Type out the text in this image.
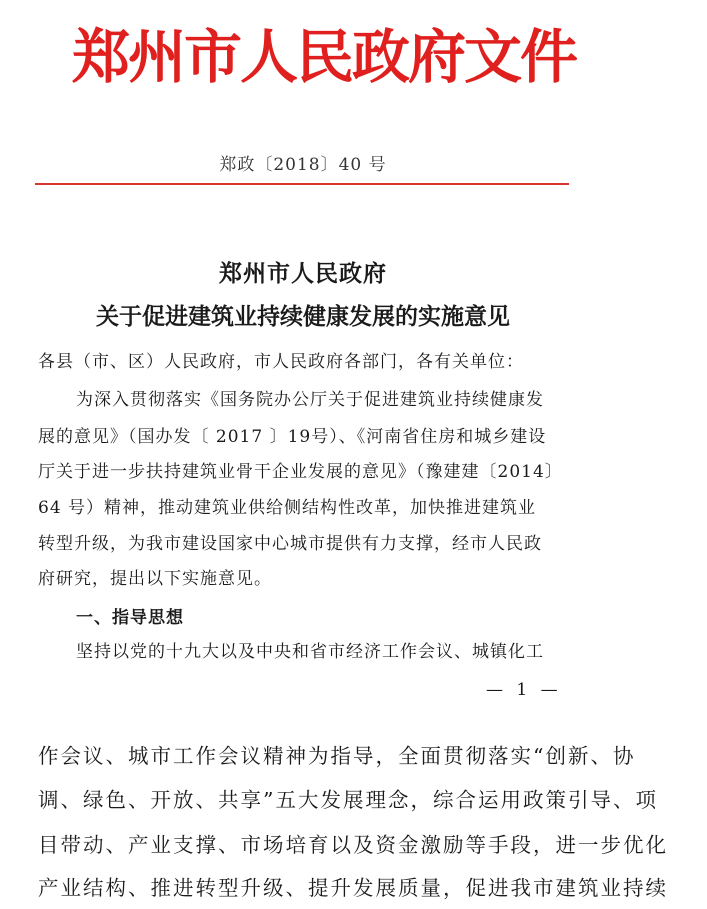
郑州市人民政府文件
郑政〔2018〕40 号
郑州市人民政府
关于促进建筑业持续健康发展的实施意见
各县（市、区）人民政府，市人民政府各部门，各有关单位：
为深入贯彻落实《国务院办公厅关于促进建筑业持续健康发
展的意见》（国办发〔 2017 〕19号）、《河南省住房和城乡建设
厅关于进一步扶持建筑业骨干企业发展的意见》（豫建建〔2014〕
64 号）精神，推动建筑业供给侧结构性改革，加快推进建筑业
转型升级，为我市建设国家中心城市提供有力支撑，经市人民政
府研究，提出以下实施意见。
一、指导思想
坚持以党的十九大以及中央和省市经济工作会议、城镇化工
— 1 —
作会议、城市工作会议精神为指导，全面贯彻落实“创新、协
调、绿色、开放、共享”五大发展理念，综合运用政策引导、项
目带动、产业支撑、市场培育以及资金激励等手段，进一步优化
产业结构、推进转型升级、提升发展质量，促进我市建筑业持续
